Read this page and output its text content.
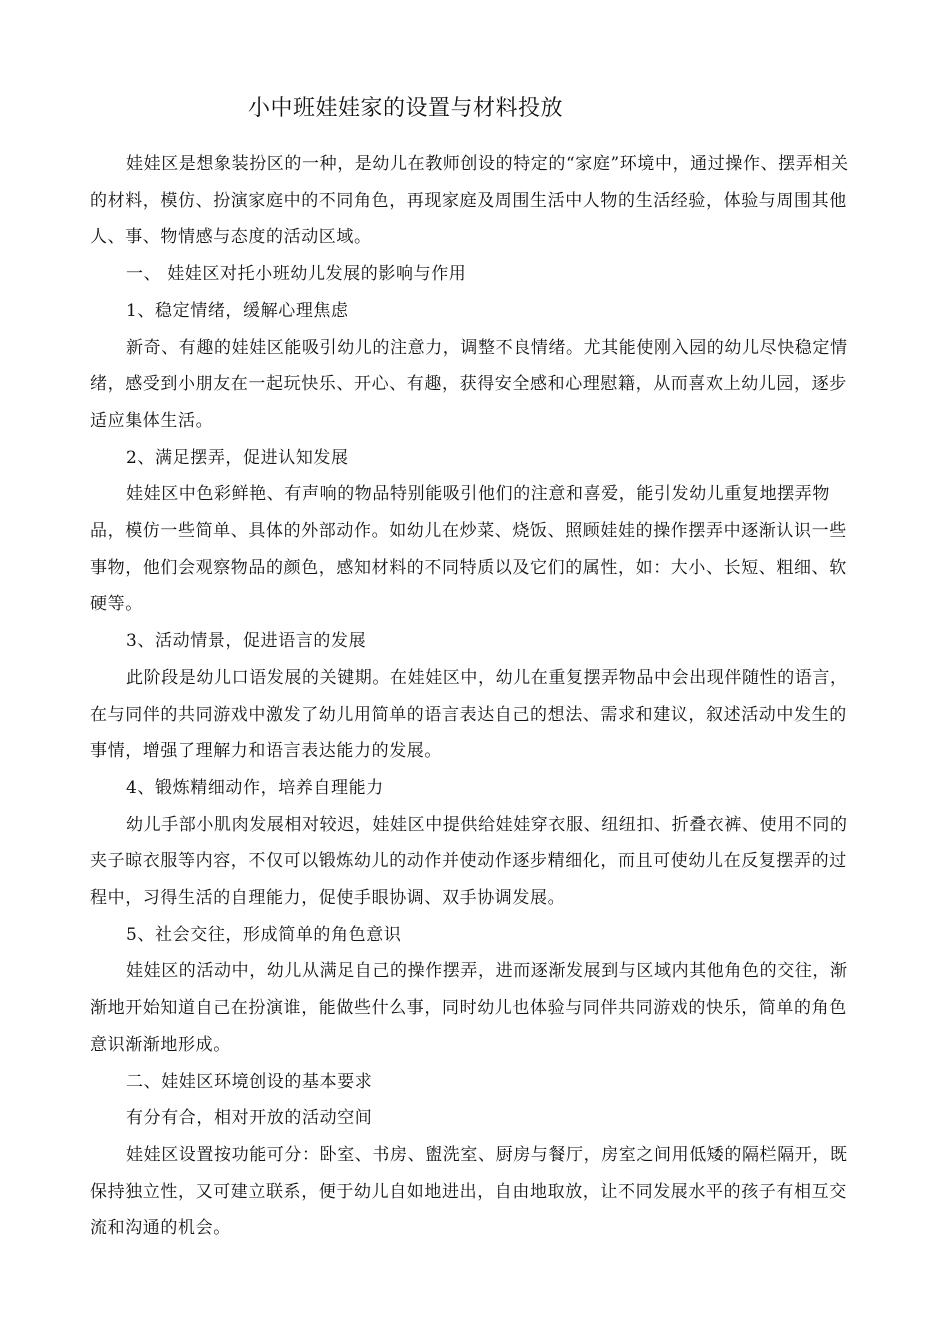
小中班娃娃家的设置与材料投放

娃娃区是想象装扮区的一种，是幼儿在教师创设的特定的“家庭”环境中，通过操作、摆弄相关的材料，模仿、扮演家庭中的不同角色，再现家庭及周围生活中人物的生活经验，体验与周围其他人、事、物情感与态度的活动区域。

一、 娃娃区对托小班幼儿发展的影响与作用

1、稳定情绪，缓解心理焦虑

新奇、有趣的娃娃区能吸引幼儿的注意力，调整不良情绪。尤其能使刚入园的幼儿尽快稳定情绪，感受到小朋友在一起玩快乐、开心、有趣，获得安全感和心理慰籍，从而喜欢上幼儿园，逐步适应集体生活。

2、满足摆弄，促进认知发展

娃娃区中色彩鲜艳、有声响的物品特别能吸引他们的注意和喜爱，能引发幼儿重复地摆弄物品，模仿一些简单、具体的外部动作。如幼儿在炒菜、烧饭、照顾娃娃的操作摆弄中逐渐认识一些事物，他们会观察物品的颜色，感知材料的不同特质以及它们的属性，如：大小、长短、粗细、软硬等。

3、活动情景，促进语言的发展

此阶段是幼儿口语发展的关键期。在娃娃区中，幼儿在重复摆弄物品中会出现伴随性的语言，在与同伴的共同游戏中激发了幼儿用简单的语言表达自己的想法、需求和建议，叙述活动中发生的事情，增强了理解力和语言表达能力的发展。

4、锻炼精细动作，培养自理能力

幼儿手部小肌肉发展相对较迟，娃娃区中提供给娃娃穿衣服、纽纽扣、折叠衣裤、使用不同的夹子晾衣服等内容，不仅可以锻炼幼儿的动作并使动作逐步精细化，而且可使幼儿在反复摆弄的过程中，习得生活的自理能力，促使手眼协调、双手协调发展。

5、社会交往，形成简单的角色意识

娃娃区的活动中，幼儿从满足自己的操作摆弄，进而逐渐发展到与区域内其他角色的交往，渐渐地开始知道自己在扮演谁，能做些什么事，同时幼儿也体验与同伴共同游戏的快乐，简单的角色意识渐渐地形成。

二、娃娃区环境创设的基本要求

有分有合，相对开放的活动空间

娃娃区设置按功能可分：卧室、书房、盥洗室、厨房与餐厅，房室之间用低矮的隔栏隔开，既保持独立性，又可建立联系，便于幼儿自如地进出，自由地取放，让不同发展水平的孩子有相互交流和沟通的机会。
